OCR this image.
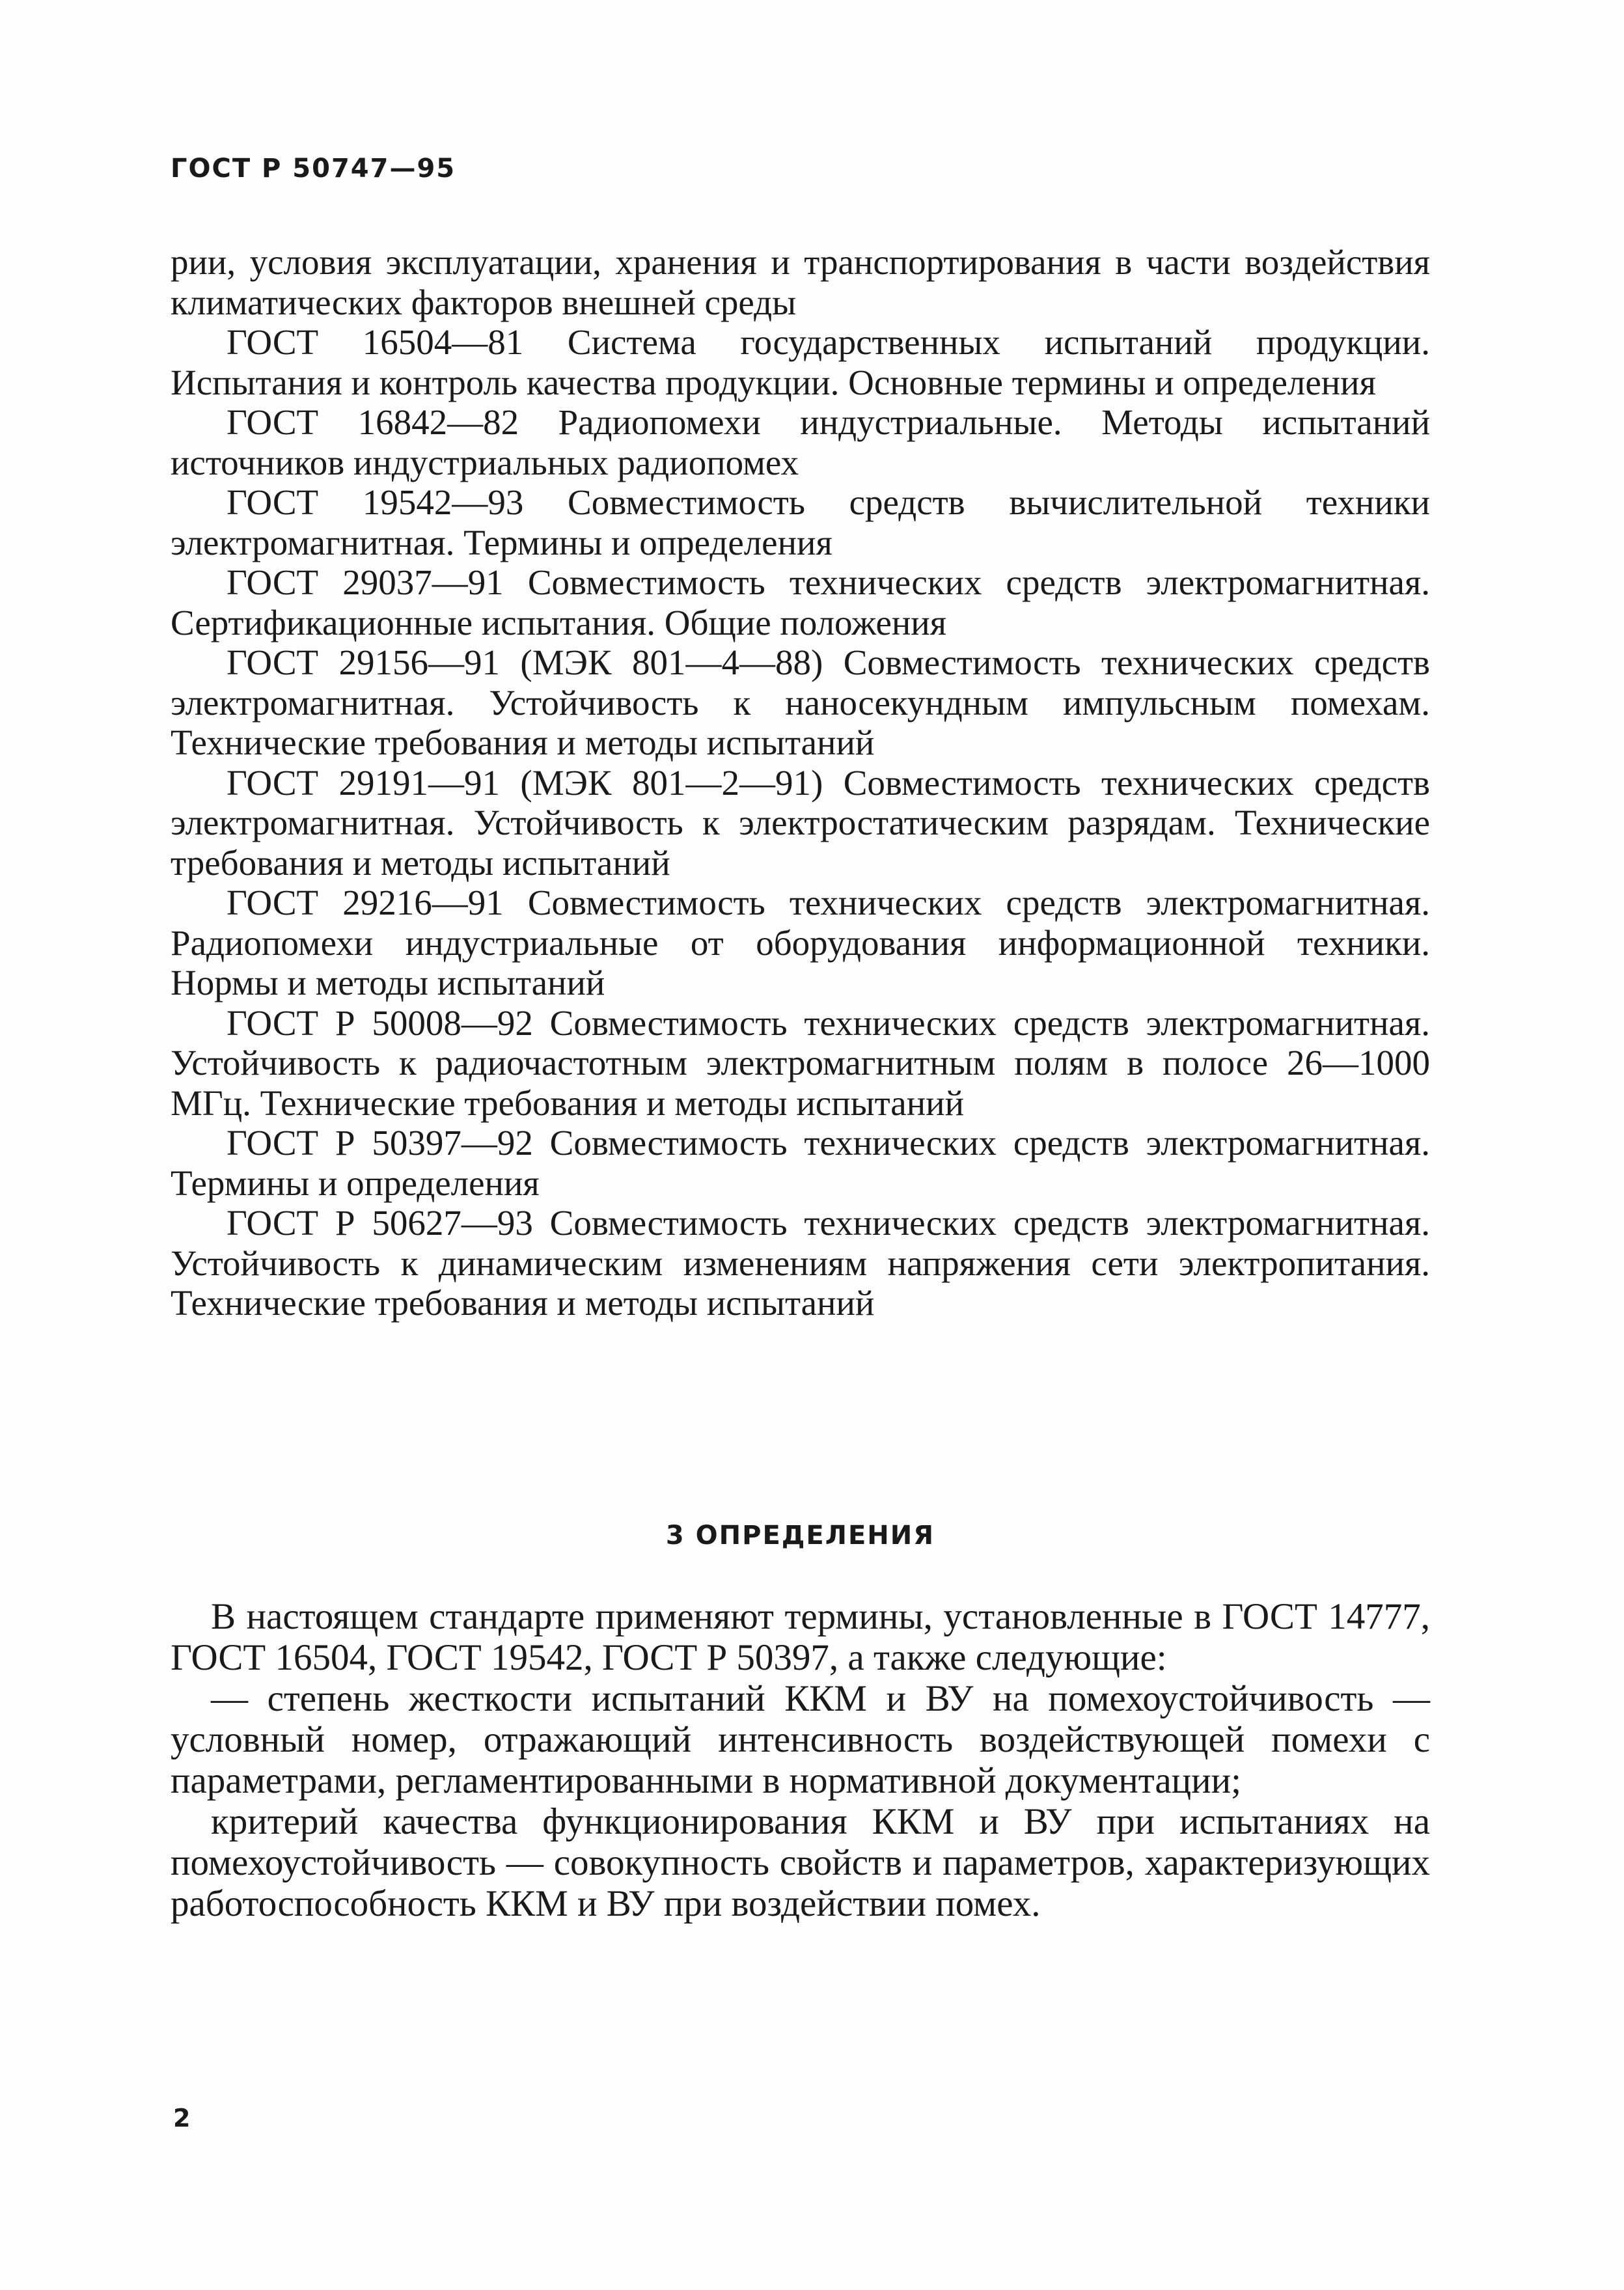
ГОСТ Р 50747—95

рии, условия эксплуатации, хранения и транспортирования в части воздействия климатических факторов внешней среды

ГОСТ 16504—81 Система государственных испытаний продукции. Испытания и контроль качества продукции. Основные термины и определения

ГОСТ 16842—82 Радиопомехи индустриальные. Методы испытаний источников индустриальных радиопомех

ГОСТ 19542—93 Совместимость средств вычислительной техники электромагнитная. Термины и определения

ГОСТ 29037—91 Совместимость технических средств электромагнитная. Сертификационные испытания. Общие положения

ГОСТ 29156—91 (МЭК 801—4—88) Совместимость технических средств электромагнитная. Устойчивость к наносекундным импульсным помехам. Технические требования и методы испытаний

ГОСТ 29191—91 (МЭК 801—2—91) Совместимость технических средств электромагнитная. Устойчивость к электростатическим разрядам. Технические требования и методы испытаний

ГОСТ 29216—91 Совместимость технических средств электромагнитная. Радиопомехи индустриальные от оборудования информационной техники. Нормы и методы испытаний

ГОСТ Р 50008—92 Совместимость технических средств электромагнитная. Устойчивость к радиочастотным электромагнитным полям в полосе 26—1000 МГц. Технические требования и методы испытаний

ГОСТ Р 50397—92 Совместимость технических средств электромагнитная. Термины и определения

ГОСТ Р 50627—93 Совместимость технических средств электромагнитная. Устойчивость к динамическим изменениям напряжения сети электропитания. Технические требования и методы испытаний

3 ОПРЕДЕЛЕНИЯ

В настоящем стандарте применяют термины, установленные в ГОСТ 14777, ГОСТ 16504, ГОСТ 19542, ГОСТ Р 50397, а также следующие:

— степень жесткости испытаний ККМ и ВУ на помехоустойчивость — условный номер, отражающий интенсивность воздействующей помехи с параметрами, регламентированными в нормативной документации;

критерий качества функционирования ККМ и ВУ при испытаниях на помехоустойчивость — совокупность свойств и параметров, характеризующих работоспособность ККМ и ВУ при воздействии помех.

2
